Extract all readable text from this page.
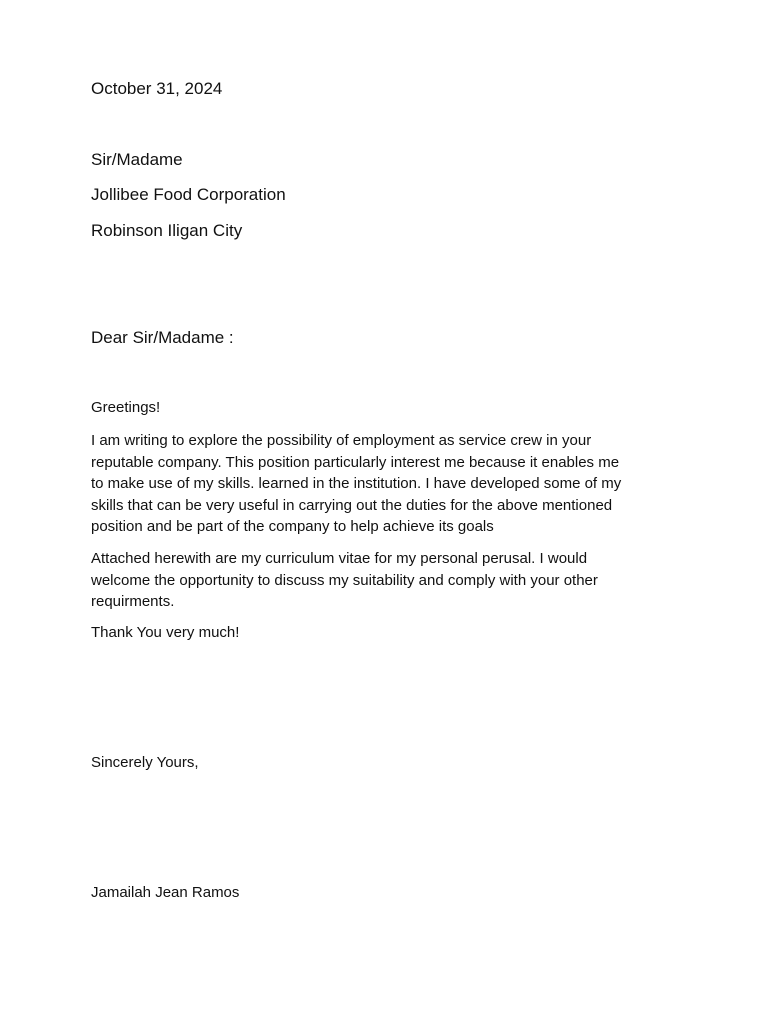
October 31, 2024

Sir/Madame

Jollibee Food Corporation

Robinson Iligan City

Dear Sir/Madame :

Greetings!

I am writing to explore the possibility of employment as service crew in your
reputable company. This position particularly interest me because it enables me
to make use of my skills. learned in the institution. I have developed some of my
skills that can be very useful in carrying out the duties for the above mentioned
position and be part of the company to help achieve its goals
Attached herewith are my curriculum vitae for my personal perusal. I would
welcome the opportunity to discuss my suitability and comply with your other
requirments.

Thank You very much!

Sincerely Yours,

Jamailah Jean Ramos
